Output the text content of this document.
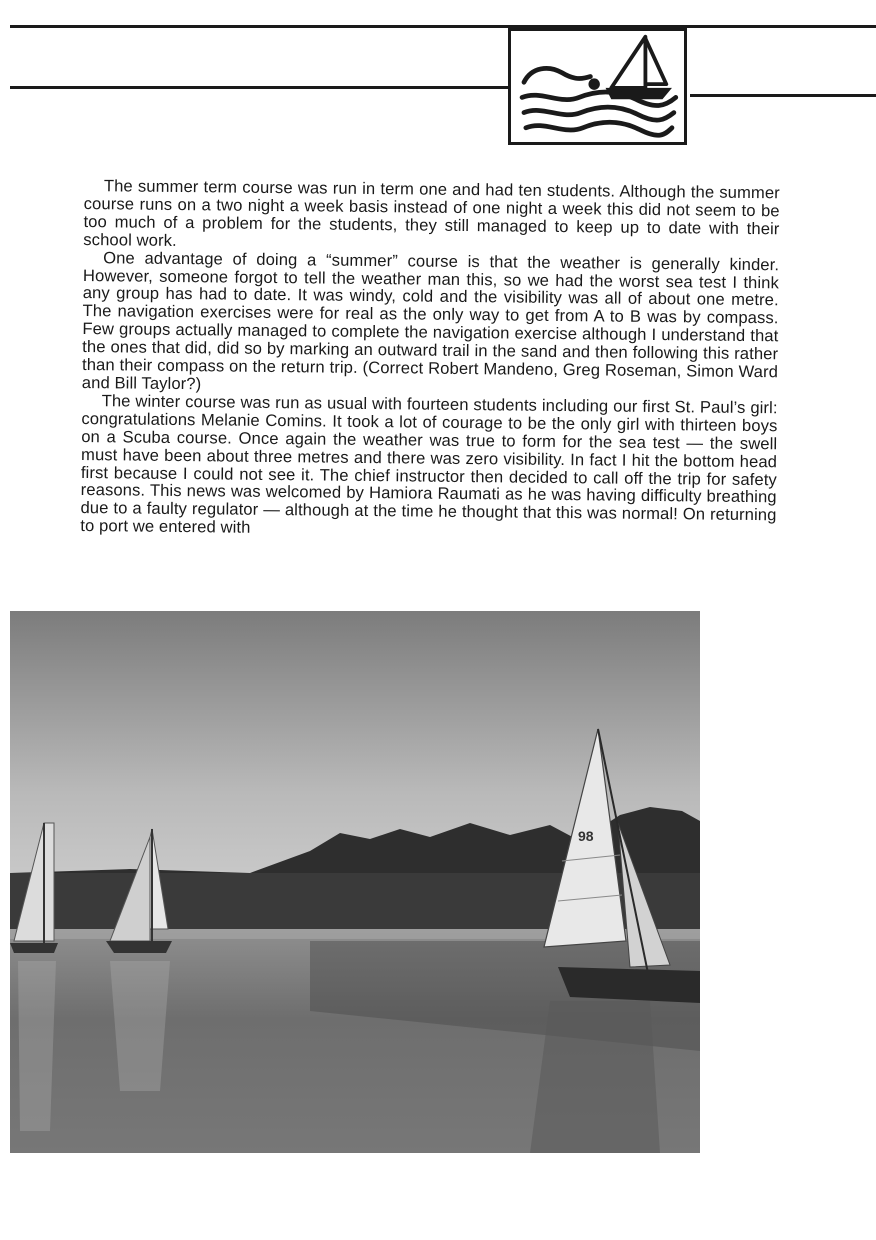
The summer term course was run in term one and had ten students. Although the summer course runs on a two night a week basis instead of one night a week this did not seem to be too much of a problem for the students, they still managed to keep up to date with their school work.

One advantage of doing a “summer” course is that the weather is generally kinder. However, someone forgot to tell the weather man this, so we had the worst sea test I think any group has had to date. It was windy, cold and the visibility was all of about one metre. The navigation exercises were for real as the only way to get from A to B was by compass. Few groups actually managed to complete the navigation exercise although I understand that the ones that did, did so by marking an outward trail in the sand and then following this rather than their compass on the return trip. (Correct Robert Mandeno, Greg Roseman, Simon Ward and Bill Taylor?)

The winter course was run as usual with fourteen students including our first St. Paul’s girl: congratulations Melanie Comins. It took a lot of courage to be the only girl with thirteen boys on a Scuba course. Once again the weather was true to form for the sea test — the swell must have been about three metres and there was zero visibility. In fact I hit the bottom head first because I could not see it. The chief instructor then decided to call off the trip for safety reasons. This news was welcomed by Hamiora Raumati as he was having difficulty breathing due to a faulty regulator — although at the time he thought that this was normal! On returning to port we entered with

98
